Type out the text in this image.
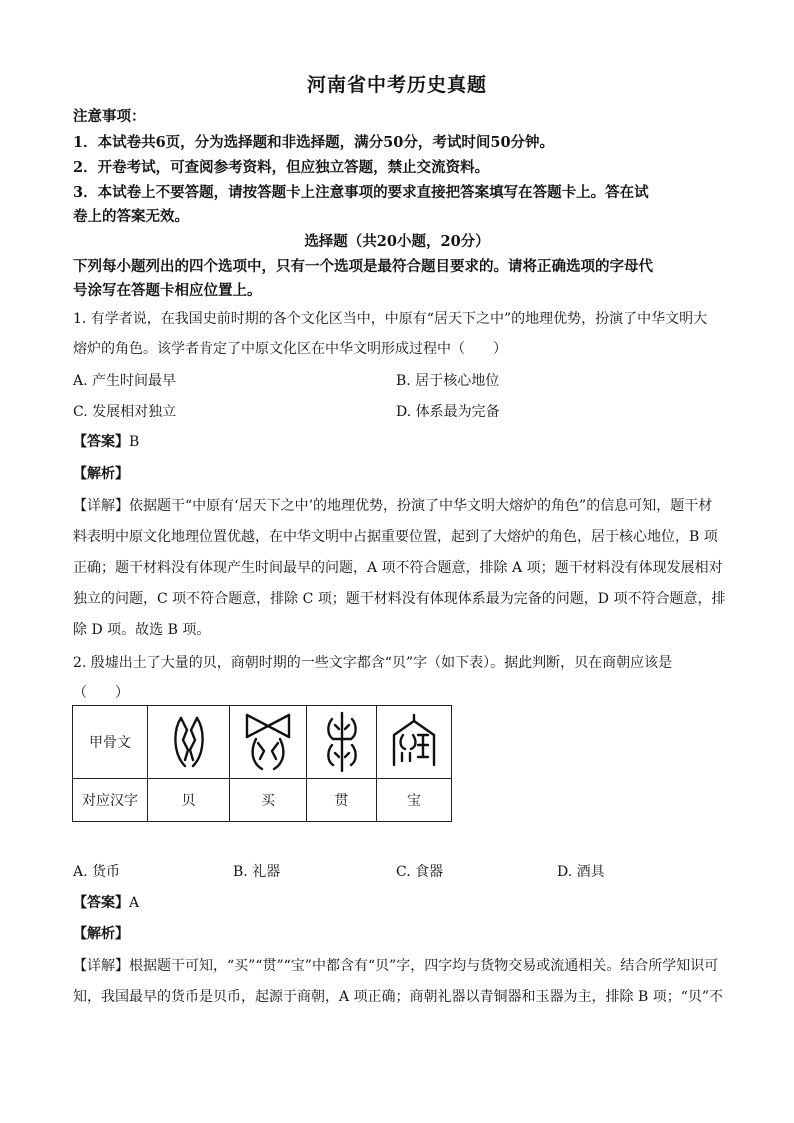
河南省中考历史真题
注意事项：
1．本试卷共6页，分为选择题和非选择题，满分50分，考试时间50分钟。
2．开卷考试，可查阅参考资料，但应独立答题，禁止交流资料。
3．本试卷上不要答题，请按答题卡上注意事项的要求直接把答案填写在答题卡上。答在试
卷上的答案无效。
选择题（共20小题，20分）
下列每小题列出的四个选项中，只有一个选项是最符合题目要求的。请将正确选项的字母代
号涂写在答题卡相应位置上。
1. 有学者说，在我国史前时期的各个文化区当中，中原有“居天下之中”的地理优势，扮演了中华文明大
熔炉的角色。该学者肯定了中原文化区在中华文明形成过程中（　　）
A. 产生时间最早	B. 居于核心地位
C. 发展相对独立	D. 体系最为完备
【答案】B
【解析】
【详解】依据题干“中原有‘居天下之中’的地理优势，扮演了中华文明大熔炉的角色”的信息可知，题干材
料表明中原文化地理位置优越，在中华文明中占据重要位置，起到了大熔炉的角色，居于核心地位，B 项
正确；题干材料没有体现产生时间最早的问题，A 项不符合题意，排除 A 项；题干材料没有体现发展相对
独立的问题，C 项不符合题意，排除 C 项；题干材料没有体现体系最为完备的问题，D 项不符合题意，排
除 D 项。故选 B 项。
2. 殷墟出土了大量的贝，商朝时期的一些文字都含“贝”字（如下表）。据此判断，贝在商朝应该是
（　　）
甲骨文	

对应汉字	贝	买	贯	宝
A. 货币	B. 礼器	C. 食器	D. 酒具
【答案】A
【解析】
【详解】根据题干可知，“买”“贯”“宝”中都含有“贝”字，四字均与货物交易或流通相关。结合所学知识可
知，我国最早的货币是贝币，起源于商朝，A 项正确；商朝礼器以青铜器和玉器为主，排除 B 项；“贝”不
